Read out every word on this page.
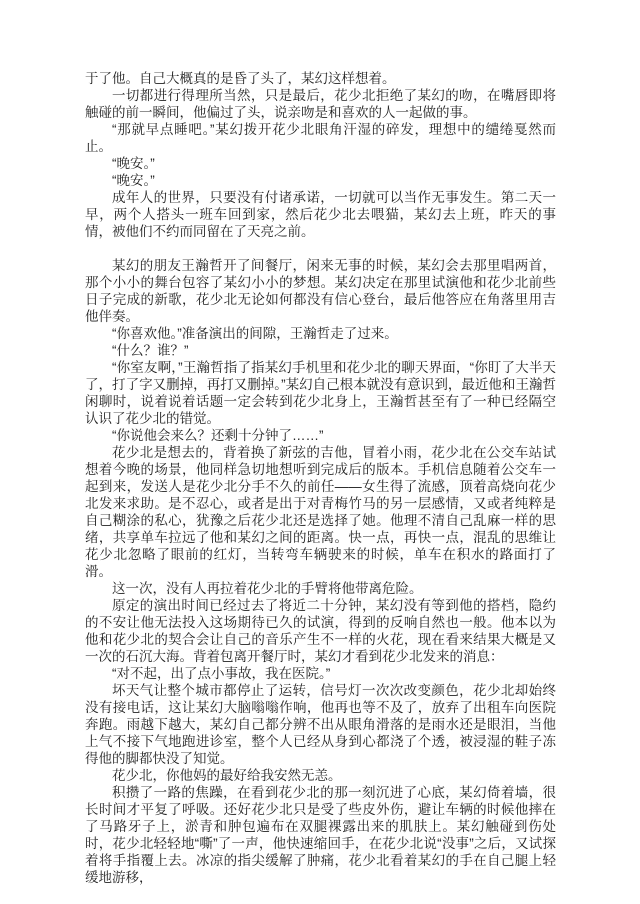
于了他。自己大概真的是昏了头了，某幻这样想着。

一切都进行得理所当然，只是最后，花少北拒绝了某幻的吻，在嘴唇即将触碰的前一瞬间，他偏过了头，说亲吻是和喜欢的人一起做的事。

“那就早点睡吧。”某幻拨开花少北眼角汗湿的碎发，理想中的缱绻戛然而止。

“晚安。”

“晚安。”

成年人的世界，只要没有付诸承诺，一切就可以当作无事发生。第二天一早，两个人搭头一班车回到家，然后花少北去喂猫，某幻去上班，昨天的事情，被他们不约而同留在了天亮之前。

某幻的朋友王瀚哲开了间餐厅，闲来无事的时候，某幻会去那里唱两首，那个小小的舞台包容了某幻小小的梦想。某幻决定在那里试演他和花少北前些日子完成的新歌，花少北无论如何都没有信心登台，最后他答应在角落里用吉他伴奏。

“你喜欢他。”准备演出的间隙，王瀚哲走了过来。

“什么？谁？”

“你室友啊，”王瀚哲指了指某幻手机里和花少北的聊天界面，“你盯了大半天了，打了字又删掉，再打又删掉。”某幻自己根本就没有意识到，最近他和王瀚哲闲聊时，说着说着话题一定会转到花少北身上，王瀚哲甚至有了一种已经隔空认识了花少北的错觉。

“你说他会来么？还剩十分钟了……”

花少北是想去的，背着换了新弦的吉他，冒着小雨，花少北在公交车站试想着今晚的场景，他同样急切地想听到完成后的版本。手机信息随着公交车一起到来，发送人是花少北分手不久的前任——女生得了流感，顶着高烧向花少北发来求助。是不忍心，或者是出于对青梅竹马的另一层感情，又或者纯粹是自己糊涂的私心，犹豫之后花少北还是选择了她。他理不清自己乱麻一样的思绪，共享单车拉远了他和某幻之间的距离。快一点，再快一点，混乱的思维让花少北忽略了眼前的红灯，当转弯车辆驶来的时候，单车在积水的路面打了滑。

这一次，没有人再拉着花少北的手臂将他带离危险。

原定的演出时间已经过去了将近二十分钟，某幻没有等到他的搭档，隐约的不安让他无法投入这场期待已久的试演，得到的反响自然也一般。他本以为他和花少北的契合会让自己的音乐产生不一样的火花，现在看来结果大概是又一次的石沉大海。背着包离开餐厅时，某幻才看到花少北发来的消息：

“对不起，出了点小事故，我在医院。”

坏天气让整个城市都停止了运转，信号灯一次次改变颜色，花少北却始终没有接电话，这让某幻大脑嗡嗡作响，他再也等不及了，放弃了出租车向医院奔跑。雨越下越大，某幻自己都分辨不出从眼角滑落的是雨水还是眼泪，当他上气不接下气地跑进诊室，整个人已经从身到心都浇了个透，被浸湿的鞋子冻得他的脚都快没了知觉。

花少北，你他妈的最好给我安然无恙。

积攒了一路的焦躁，在看到花少北的那一刻沉进了心底，某幻倚着墙，很长时间才平复了呼吸。还好花少北只是受了些皮外伤，避让车辆的时候他摔在了马路牙子上，淤青和肿包遍布在双腿裸露出来的肌肤上。某幻触碰到伤处时，花少北轻轻地“嘶”了一声，他快速缩回手，在花少北说“没事”之后，又试探着将手指覆上去。冰凉的指尖缓解了肿痛，花少北看着某幻的手在自己腿上轻缓地游移，
